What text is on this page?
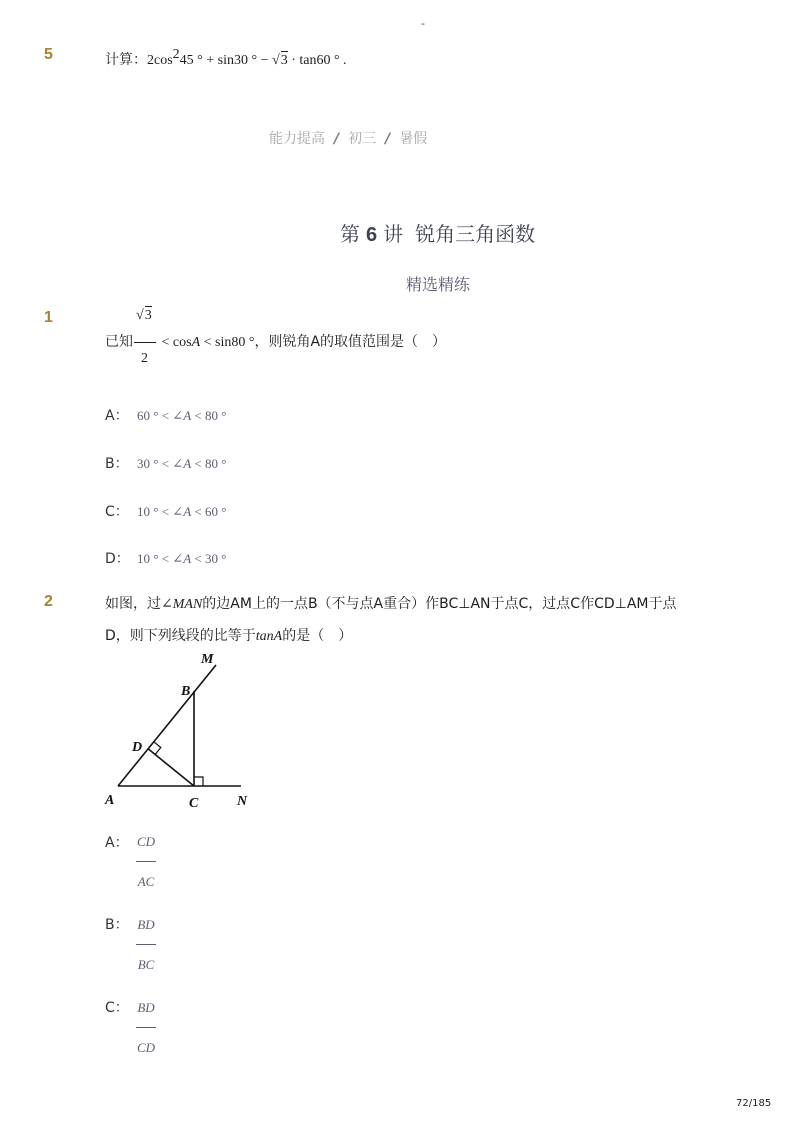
-
5	计算：2cos245 ° + sin30 ° − √3 · tan60 ° .
能力提高 / 初三 / 暑假
第 6 讲 锐角三角函数
精选精练
1
已知 $\frac{√3}{2} < \cos A < \sin 80$ °，则锐角A的取值范围是（　）
A： 60 ° < ∠A < 80 °
B： 30 ° < ∠A < 80 °
C： 10 ° < ∠A < 60 °
D： 10 ° < ∠A < 30 °
2	如图，过∠MAN的边AM上的一点B（不与点A重合）作BC⊥AN于点C，过点C作CD⊥AM于点
D，则下列线段的比等于tanA的是（　）
M
B
D
A	C	N
A： CD
AC
B： BD
BC
C： BD
CD
72/185
